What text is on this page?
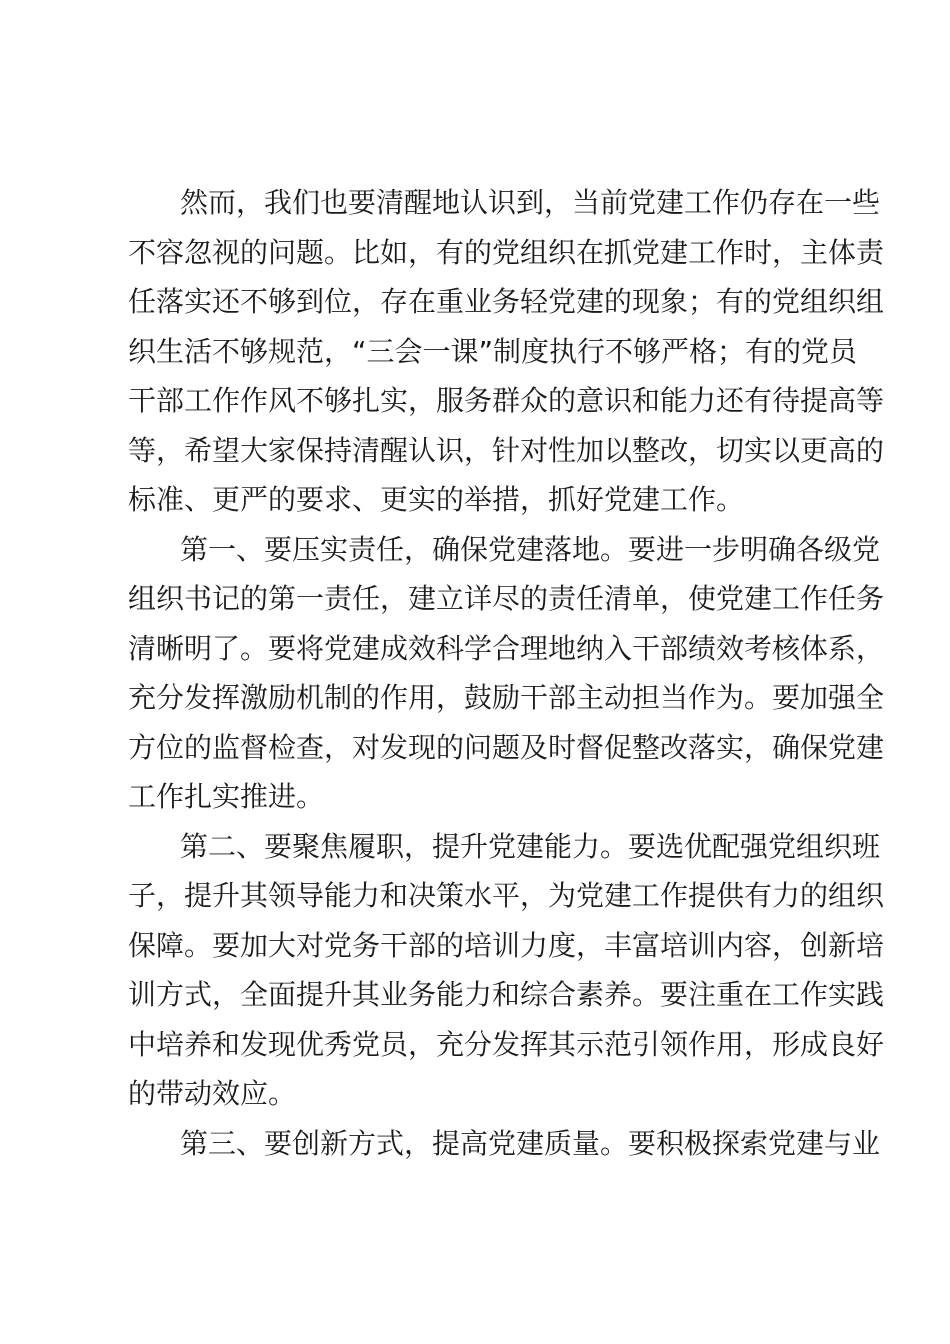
然而，我们也要清醒地认识到，当前党建工作仍存在一些
不容忽视的问题。比如，有的党组织在抓党建工作时，主体责
任落实还不够到位，存在重业务轻党建的现象；有的党组织组
织生活不够规范，“三会一课”制度执行不够严格；有的党员
干部工作作风不够扎实，服务群众的意识和能力还有待提高等
等，希望大家保持清醒认识，针对性加以整改，切实以更高的
标准、更严的要求、更实的举措，抓好党建工作。
第一、要压实责任，确保党建落地。要进一步明确各级党
组织书记的第一责任，建立详尽的责任清单，使党建工作任务
清晰明了。要将党建成效科学合理地纳入干部绩效考核体系，
充分发挥激励机制的作用，鼓励干部主动担当作为。要加强全
方位的监督检查，对发现的问题及时督促整改落实，确保党建
工作扎实推进。
第二、要聚焦履职，提升党建能力。要选优配强党组织班
子，提升其领导能力和决策水平，为党建工作提供有力的组织
保障。要加大对党务干部的培训力度，丰富培训内容，创新培
训方式，全面提升其业务能力和综合素养。要注重在工作实践
中培养和发现优秀党员，充分发挥其示范引领作用，形成良好
的带动效应。
第三、要创新方式，提高党建质量。要积极探索党建与业
